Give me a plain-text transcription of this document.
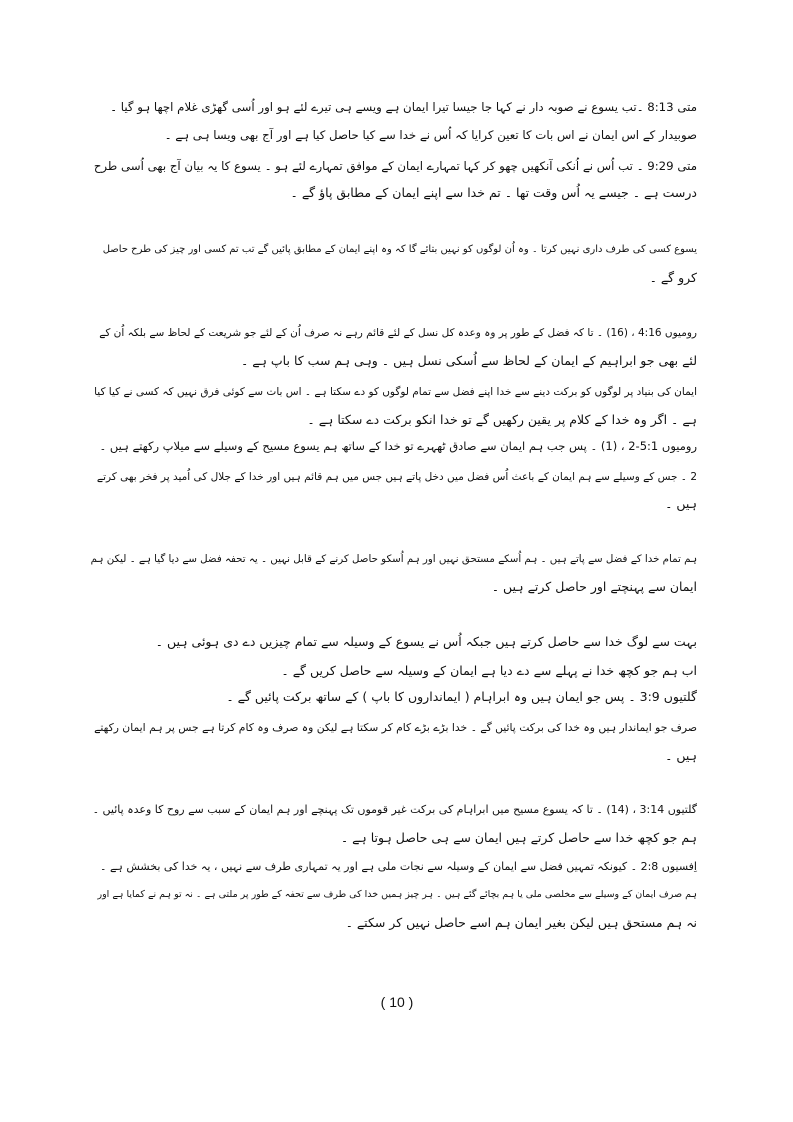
متی 8:13 ۔تب یسوع نے صوبہ دار نے کہا جا جیسا تیرا ایمان ہے ویسے ہی تیرے لئے ہو اور اُسی گھڑی غلام اچھا ہو گیا ۔
صوبیدار کے اس ایمان نے اس بات کا تعین کرایا کہ اُس نے خدا سے کیا حاصل کیا ہے اور آج بھی ویسا ہی ہے ۔
متی 9:29 ۔ تب اُس نے اُنکی آنکھیں چھو کر کہا تمہارے ایمان کے موافق تمہارے لئے ہو ۔ یسوع کا یہ بیان آج بھی اُسی طرح
درست ہے ۔ جیسے یہ اُس وقت تھا ۔ تم خدا سے اپنے ایمان کے مطابق پاؤ گے ۔
یسوع کسی کی طرف داری نہیں کرتا ۔ وہ اُن لوگوں کو نہیں بتائے گا کہ وہ اپنے ایمان کے مطابق پائیں گے تب تم کسی اور چیز کی طرح حاصل
کرو گے ۔
رومیوں 4:16 ، (16) ۔ تا کہ فضل کے طور پر وہ وعدہ کل نسل کے لئے قائم رہے نہ صرف اُن کے لئے جو شریعت کے لحاظ سے بلکہ اُن کے
لئے بھی جو ابراہیم کے ایمان کے لحاظ سے اُسکی نسل ہیں ۔ وہی ہم سب کا باپ ہے ۔
ایمان کی بنیاد پر لوگوں کو برکت دینے سے خدا اپنے فضل سے تمام لوگوں کو دے سکتا ہے ۔ اس بات سے کوئی فرق نہیں کہ کسی نے کیا کیا
ہے ۔ اگر وہ خدا کے کلام پر یقین رکھیں گے تو خدا انکو برکت دے سکتا ہے ۔
رومیوں 5:1-2 ، (1) ۔ پس جب ہم ایمان سے صادق ٹھہرے تو خدا کے ساتھ ہم یسوع مسیح کے وسیلے سے میلاپ رکھتے ہیں ۔
2 ۔ جس کے وسیلے سے ہم ایمان کے باعث اُس فضل میں دخل پاتے ہیں جس میں ہم قائم ہیں اور خدا کے جلال کی اُمید پر فخر بھی کرتے
ہیں ۔
ہم تمام خدا کے فضل سے پاتے ہیں ۔ ہم اُسکے مستحق نہیں اور ہم اُسکو حاصل کرنے کے قابل نہیں ۔ یہ تحفہ فضل سے دیا گیا ہے ۔ لیکن ہم
ایمان سے پہنچتے اور حاصل کرتے ہیں ۔
بہت سے لوگ خدا سے حاصل کرتے ہیں جبکہ اُس نے یسوع کے وسیلہ سے تمام چیزیں دے دی ہوئی ہیں ۔
اب ہم جو کچھ خدا نے پہلے سے دے دیا ہے ایمان کے وسیلہ سے حاصل کریں گے ۔
گلتیوں 3:9 ۔ پس جو ایمان ہیں وہ ابراہام ( ایمانداروں کا باپ ) کے ساتھ برکت پائیں گے ۔
صرف جو ایماندار ہیں وہ خدا کی برکت پائیں گے ۔ خدا بڑے بڑے کام کر سکتا ہے لیکن وہ صرف وہ کام کرتا ہے جس پر ہم ایمان رکھتے
ہیں ۔
گلتیوں 3:14 ، (14) ۔ تا کہ یسوع مسیح میں ابراہام کی برکت غیر قوموں تک پہنچے اور ہم ایمان کے سبب سے روح کا وعدہ پائیں ۔
ہم جو کچھ خدا سے حاصل کرتے ہیں ایمان سے ہی حاصل ہوتا ہے ۔
اِفسیوں 2:8 ۔ کیونکہ تمہیں فضل سے ایمان کے وسیلہ سے نجات ملی ہے اور یہ تمہاری طرف سے نہیں ، یہ خدا کی بخشش ہے ۔
ہم صرف ایمان کے وسیلے سے مخلصی ملی یا ہم بچائے گئے ہیں ۔ ہر چیز ہمیں خدا کی طرف سے تحفہ کے طور پر ملتی ہے ۔ نہ تو ہم نے کمایا ہے اور
نہ ہم مستحق ہیں لیکن بغیر ایمان ہم اسے حاصل نہیں کر سکتے ۔
( 10 )
